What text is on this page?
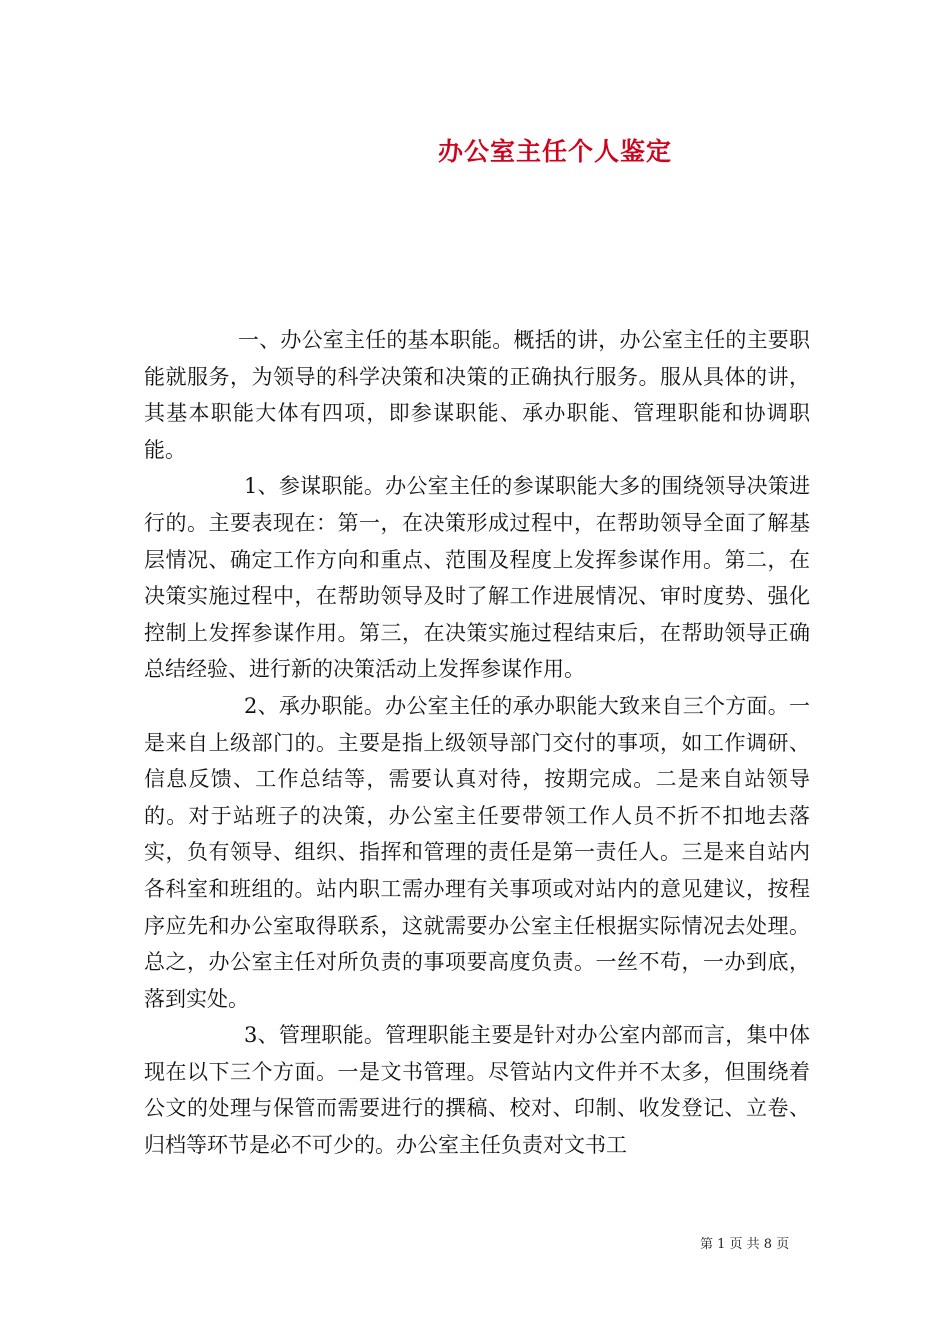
办公室主任个人鉴定

一、办公室主任的基本职能。概括的讲，办公室主任的主要职能就服务，为领导的科学决策和决策的正确执行服务。服从具体的讲，其基本职能大体有四项，即参谋职能、承办职能、管理职能和协调职能。

1、参谋职能。办公室主任的参谋职能大多的围绕领导决策进行的。主要表现在：第一，在决策形成过程中，在帮助领导全面了解基层情况、确定工作方向和重点、范围及程度上发挥参谋作用。第二，在决策实施过程中，在帮助领导及时了解工作进展情况、审时度势、强化控制上发挥参谋作用。第三，在决策实施过程结束后，在帮助领导正确总结经验、进行新的决策活动上发挥参谋作用。

2、承办职能。办公室主任的承办职能大致来自三个方面。一是来自上级部门的。主要是指上级领导部门交付的事项，如工作调研、信息反馈、工作总结等，需要认真对待，按期完成。二是来自站领导的。对于站班子的决策，办公室主任要带领工作人员不折不扣地去落实，负有领导、组织、指挥和管理的责任是第一责任人。三是来自站内各科室和班组的。站内职工需办理有关事项或对站内的意见建议，按程序应先和办公室取得联系，这就需要办公室主任根据实际情况去处理。总之，办公室主任对所负责的事项要高度负责。一丝不苟，一办到底，落到实处。

3、管理职能。管理职能主要是针对办公室内部而言，集中体现在以下三个方面。一是文书管理。尽管站内文件并不太多，但围绕着公文的处理与保管而需要进行的撰稿、校对、印制、收发登记、立卷、归档等环节是必不可少的。办公室主任负责对文书工

第 1 页 共 8 页
